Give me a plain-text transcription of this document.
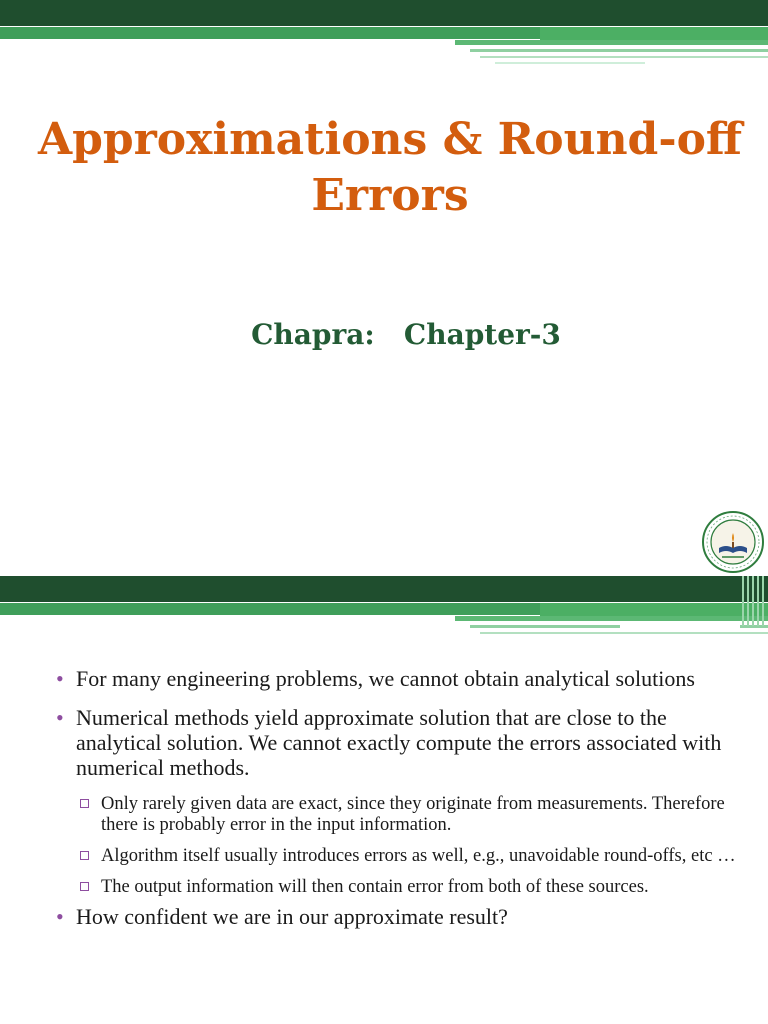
Approximations & Round-off Errors
Chapra:   Chapter-3
• For many engineering problems, we cannot obtain analytical solutions
• Numerical methods yield approximate solution that are close to the analytical solution. We cannot exactly compute the errors associated with numerical methods.
Only rarely given data are exact, since they originate from measurements. Therefore there is probably error in the input information.
Algorithm itself usually introduces errors as well, e.g., unavoidable round-offs, etc …
The output information will then contain error from both of these sources.
• How confident we are in our approximate result?
